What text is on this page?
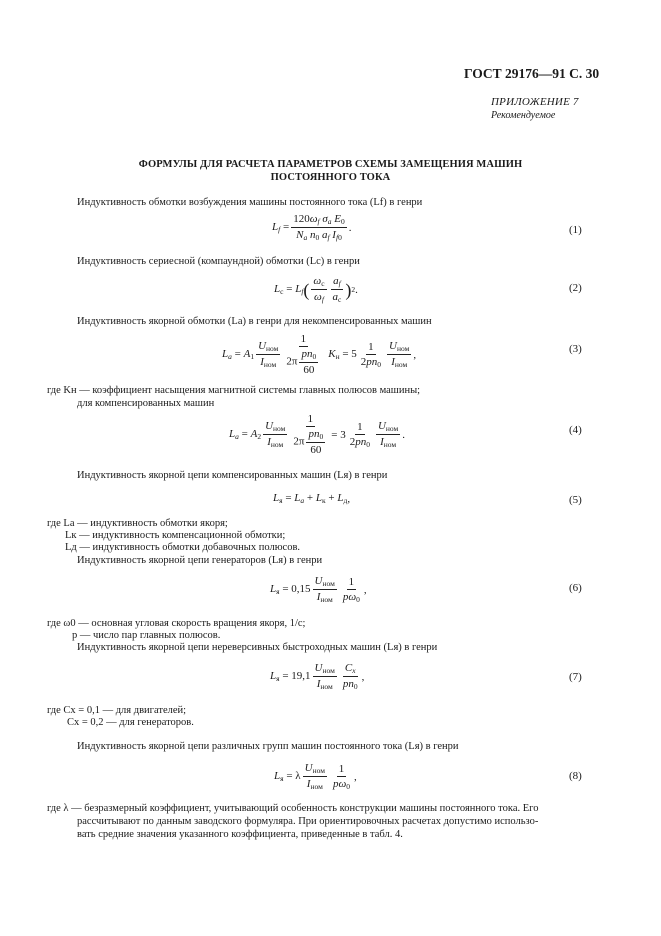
ГОСТ 29176—91 С. 30
ПРИЛОЖЕНИЕ 7
Рекомендуемое
ФОРМУЛЫ ДЛЯ РАСЧЕТА ПАРАМЕТРОВ СХЕМЫ ЗАМЕЩЕНИЯ МАШИН
ПОСТОЯННОГО ТОКА
Индуктивность обмотки возбуждения машины постоянного тока (Lf) в генри
$L_f = \frac{120\omega_f \sigma_a E_0}{N_a n_0 a_f I_{f0}}$ .	(1)
Индуктивность сериесной (компаундной) обмотки (Lc) в генри
$L_c = L_f$ ( $\frac{\omega_c}{\omega_f} \frac{a_f}{a_c}$ ) 2 .	(2)
Индуктивность якорной обмотки (La) в генри для некомпенсированных машин
$L_a = A_1 \frac{U_{ном}}{I_{ном}} \frac{1}{2\pi \frac{pn_0}{60}} K_н = 5 \frac{1}{2pn_0} \frac{U_{ном}}{I_{ном}}$ ,	(3)
где Kн — коэффициент насыщения магнитной системы главных полюсов машины;
для компенсированных машин
$L_a = A_2 \frac{U_{ном}}{I_{ном}} \frac{1}{2\pi \frac{pn_0}{60}} = 3 \frac{1}{2pn_0} \frac{U_{ном}}{I_{ном}}$ .	(4)
Индуктивность якорной цепи компенсированных машин (Lя) в генри
$L_я = L_a + L_к + L_д$ ,	(5)
где La — индуктивность обмотки якоря;
Lк — индуктивность компенсационной обмотки;
Lд — индуктивность обмотки добавочных полюсов.
Индуктивность якорной цепи генераторов (Lя) в генри
$L_я = 0,15 \frac{U_{ном}}{I_{ном}} \frac{1}{p\omega_0}$ ,	(6)
где ω0 — основная угловая скорость вращения якоря, 1/с;
p — число пар главных полюсов.
Индуктивность якорной цепи нереверсивных быстроходных машин (Lя) в генри
$L_я = 19,1 \frac{U_{ном}}{I_{ном}} \frac{C_x}{pn_0}$ ,	(7)
где Cx = 0,1 — для двигателей;
Cx = 0,2 — для генераторов.
Индуктивность якорной цепи различных групп машин постоянного тока (Lя) в генри
$L_я = \lambda \frac{U_{ном}}{I_{ном}} \frac{1}{p\omega_0}$ ,	(8)
где λ — безразмерный коэффициент, учитывающий особенность конструкции машины постоянного тока. Его
рассчитывают по данным заводского формуляра. При ориентировочных расчетах допустимо использо-
вать средние значения указанного коэффициента, приведенные в табл. 4.
